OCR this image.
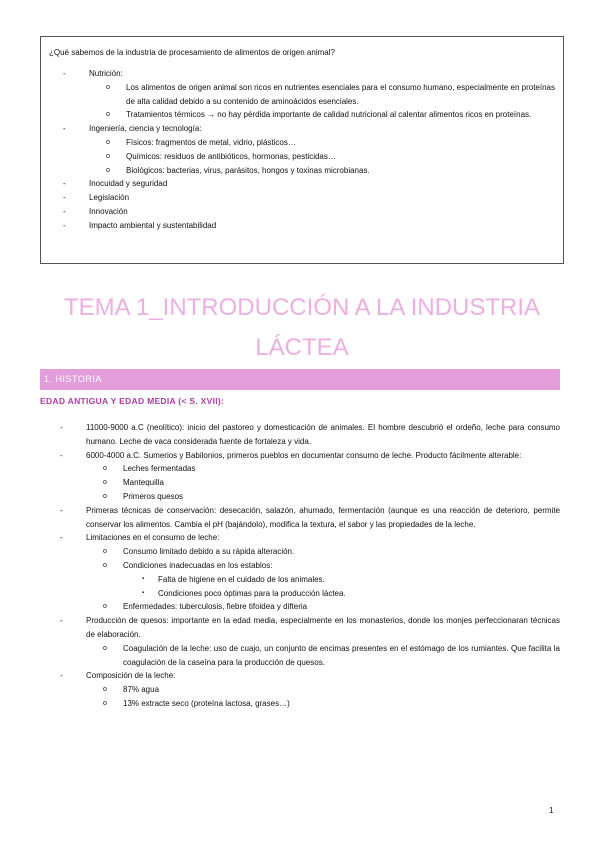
¿Qué sabemos de la industria de procesamiento de alimentos de origen animal?

-	Nutrición:
o Los alimentos de origen animal son ricos en nutrientes esenciales para el consumo humano, especialmente en proteínas de alta calidad debido a su contenido de aminoácidos esenciales.
o Tratamientos térmicos → no hay pérdida importante de calidad nutricional al calentar alimentos ricos en proteínas.
-	Ingeniería, ciencia y tecnología:
o Físicos: fragmentos de metal, vidrio, plásticos…
o Químicos: residuos de antibióticos, hormonas, pesticidas…
o Biológicos: bacterias, virus, parásitos, hongos y toxinas microbianas.
-	Inocuidad y seguridad
-	Legislación
-	Innovación
-	Impacto ambiental y sustentabilidad
TEMA 1_INTRODUCCIÓN A LA INDUSTRIA LÁCTEA
1. HISTORIA
EDAD ANTIGUA Y EDAD MEDIA (< S. XVII):
-	11000-9000 a.C (neolítico): inicio del pastoreo y domesticación de animales. El hombre descubrió el ordeño, leche para consumo humano. Leche de vaca considerada fuente de fortaleza y vida.
-	6000-4000 a.C. Sumerios y Babilonios, primeros pueblos en documentar consumo de leche. Producto fácilmente alterable:
o Leches fermentadas
o Mantequilla
o Primeros quesos
-	Primeras técnicas de conservación: desecación, salazón, ahumado, fermentación (aunque es una reacción de deterioro, permite conservar los alimentos. Cambia el pH (bajándolo), modifica la textura, el sabor y las propiedades de la leche.
-	Limitaciones en el consumo de leche:
o Consumo limitado debido a su rápida alteración.
o Condiciones inadecuadas en los establos:
▪ Falta de higiene en el cuidado de los animales.
▪ Condiciones poco óptimas para la producción láctea.
o Enfermedades: tuberculosis, fiebre tifoidea y difteria
-	Producción de quesos: importante en la edad media, especialmente en los monasterios, donde los monjes perfeccionaran técnicas de elaboración.
o Coagulación de la leche: uso de cuajo, un conjunto de encimas presentes en el estómago de los rumiantes. Que facilita la coagulación de la caseína para la producción de quesos.
-	Composición de la leche:
o 87% agua
o 13% extracte seco (proteína lactosa, grases…)
1
